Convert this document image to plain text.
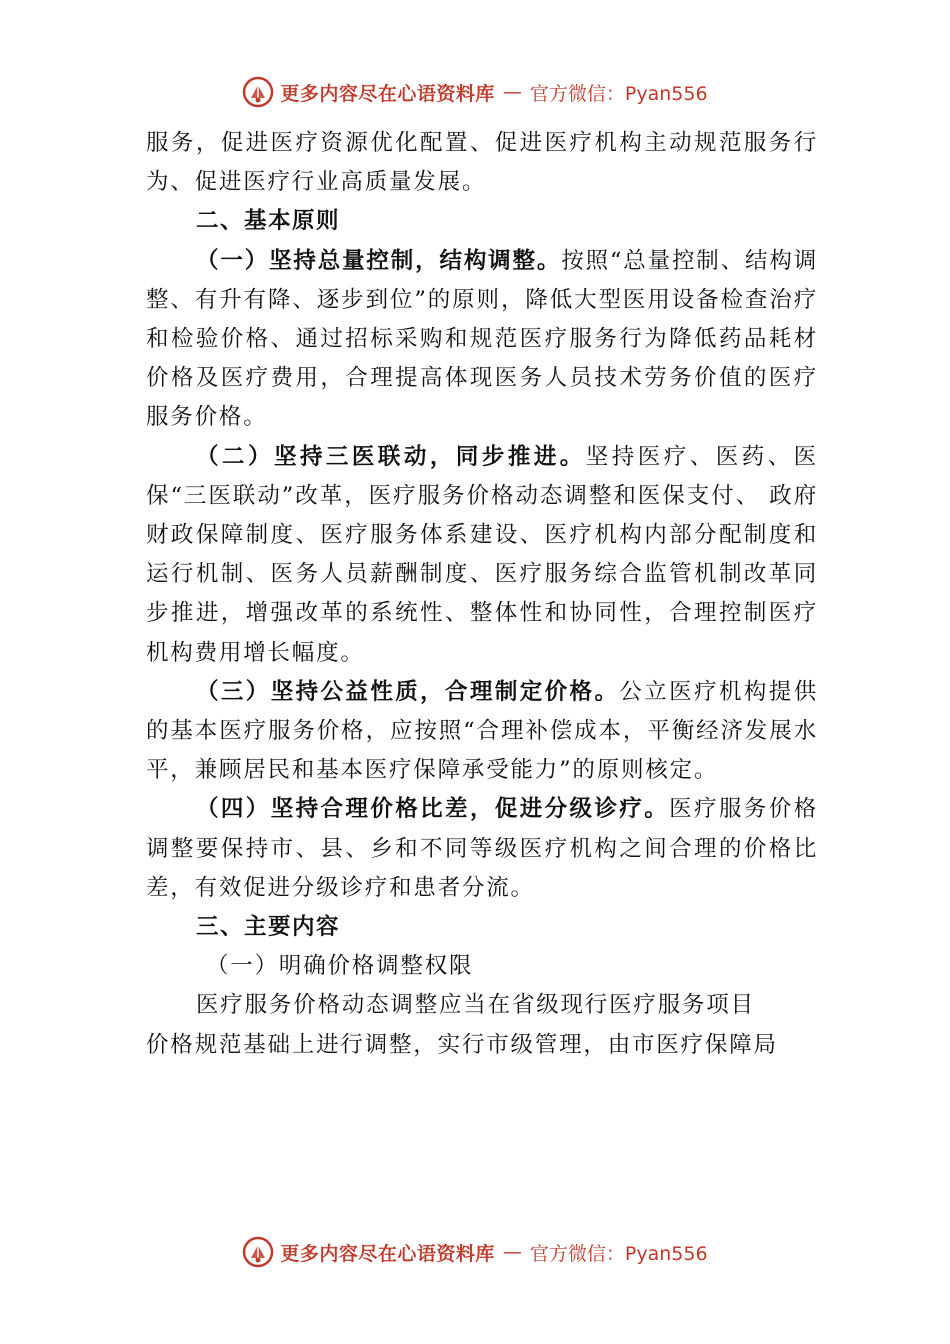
更多内容尽在心语资料库 — 官方微信：Pyan556

服务，促进医疗资源优化配置、促进医疗机构主动规范服务行为、促进医疗行业高质量发展。

二、基本原则

（一）坚持总量控制，结构调整。按照“总量控制、结构调整、有升有降、逐步到位”的原则，降低大型医用设备检查治疗和检验价格、通过招标采购和规范医疗服务行为降低药品耗材价格及医疗费用，合理提高体现医务人员技术劳务价值的医疗服务价格。

（二）坚持三医联动，同步推进。坚持医疗、医药、医保“三医联动”改革，医疗服务价格动态调整和医保支付、 政府财政保障制度、医疗服务体系建设、医疗机构内部分配制度和运行机制、医务人员薪酬制度、医疗服务综合监管机制改革同步推进，增强改革的系统性、整体性和协同性，合理控制医疗机构费用增长幅度。

（三）坚持公益性质，合理制定价格。公立医疗机构提供的基本医疗服务价格，应按照“合理补偿成本，平衡经济发展水平，兼顾居民和基本医疗保障承受能力”的原则核定。

（四）坚持合理价格比差，促进分级诊疗。医疗服务价格调整要保持市、县、乡和不同等级医疗机构之间合理的价格比差，有效促进分级诊疗和患者分流。

三、主要内容

（一）明确价格调整权限

医疗服务价格动态调整应当在省级现行医疗服务项目

价格规范基础上进行调整，实行市级管理，由市医疗保障局

更多内容尽在心语资料库 — 官方微信：Pyan556
